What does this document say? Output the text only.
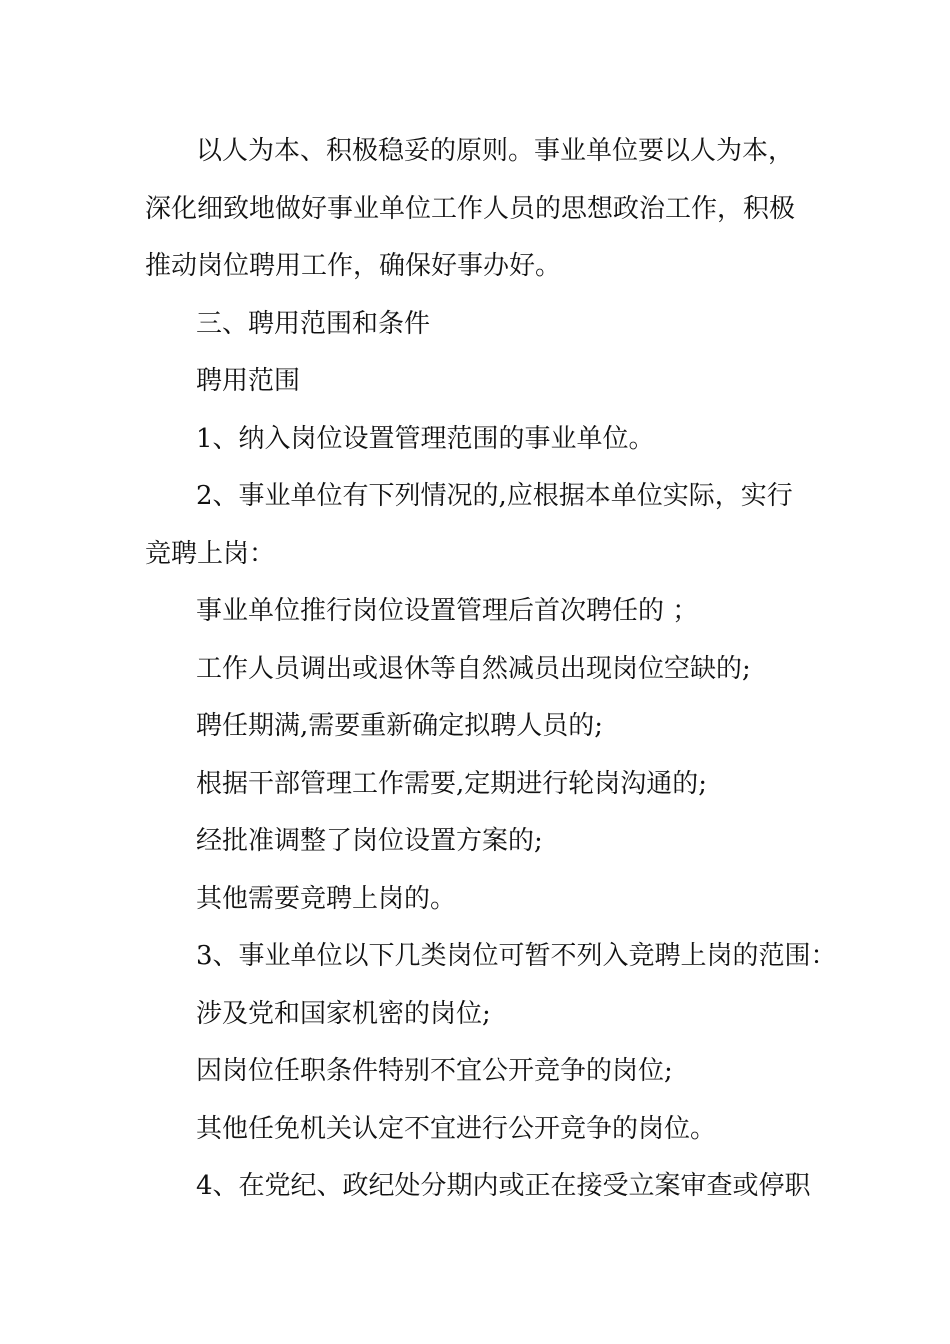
以人为本、积极稳妥的原则。事业单位要以人为本，
深化细致地做好事业单位工作人员的思想政治工作，积极
推动岗位聘用工作，确保好事办好。
三、聘用范围和条件
聘用范围
1、纳入岗位设置管理范围的事业单位。
2、事业单位有下列情况的,应根据本单位实际，实行
竞聘上岗：
事业单位推行岗位设置管理后首次聘任的 ；
工作人员调出或退休等自然减员出现岗位空缺的;
聘任期满,需要重新确定拟聘人员的;
根据干部管理工作需要,定期进行轮岗沟通的;
经批准调整了岗位设置方案的;
其他需要竞聘上岗的。
3、事业单位以下几类岗位可暂不列入竞聘上岗的范围：
涉及党和国家机密的岗位;
因岗位任职条件特别不宜公开竞争的岗位;
其他任免机关认定不宜进行公开竞争的岗位。
4、在党纪、政纪处分期内或正在接受立案审查或停职
